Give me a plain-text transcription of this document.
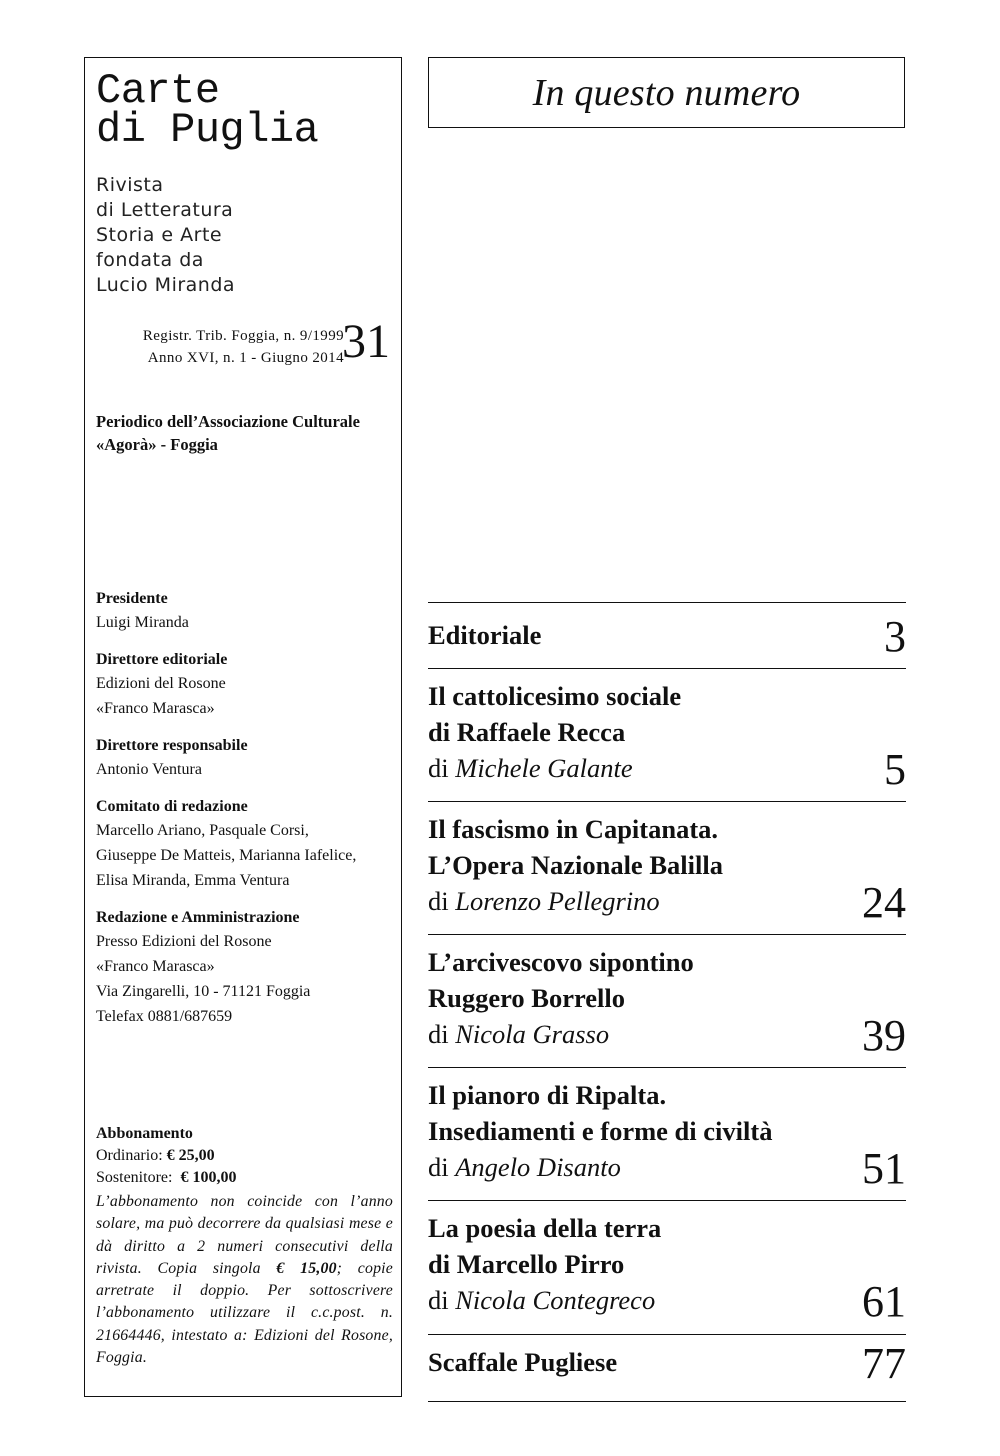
Carte
di Puglia
Rivista
di Letteratura
Storia e Arte
fondata da
Lucio Miranda
Registr. Trib. Foggia, n. 9/1999
Anno XVI, n. 1 - Giugno 2014
31
Periodico dell’Associazione Culturale
«Agorà» - Foggia
Presidente
Luigi Miranda
Direttore editoriale
Edizioni del Rosone
«Franco Marasca»
Direttore responsabile
Antonio Ventura
Comitato di redazione
Marcello Ariano, Pasquale Corsi,
Giuseppe De Matteis, Marianna Iafelice,
Elisa Miranda, Emma Ventura
Redazione e Amministrazione
Presso Edizioni del Rosone
«Franco Marasca»
Via Zingarelli, 10 - 71121 Foggia
Telefax 0881/687659
Abbonamento
Ordinario: € 25,00
Sostenitore: € 100,00

L’abbonamento non coincide con l’anno solare, ma può decorrere da qualsiasi mese e dà diritto a 2 numeri consecutivi della rivista. Copia singola € 15,00; copie arretrate il doppio. Per sottoscrivere l’abbonamento utilizzare il c.c.post. n. 21664446, intestato a: Edizioni del Rosone, Foggia.

In questo numero
Editoriale	3
Il cattolicesimo sociale
di Raffaele Recca
di Michele Galante	5
Il fascismo in Capitanata.
L’Opera Nazionale Balilla
di Lorenzo Pellegrino	24
L’arcivescovo sipontino
Ruggero Borrello
di Nicola Grasso	39
Il pianoro di Ripalta.
Insediamenti e forme di civiltà
di Angelo Disanto	51
La poesia della terra
di Marcello Pirro
di Nicola Contegreco	61
Scaffale Pugliese	77
